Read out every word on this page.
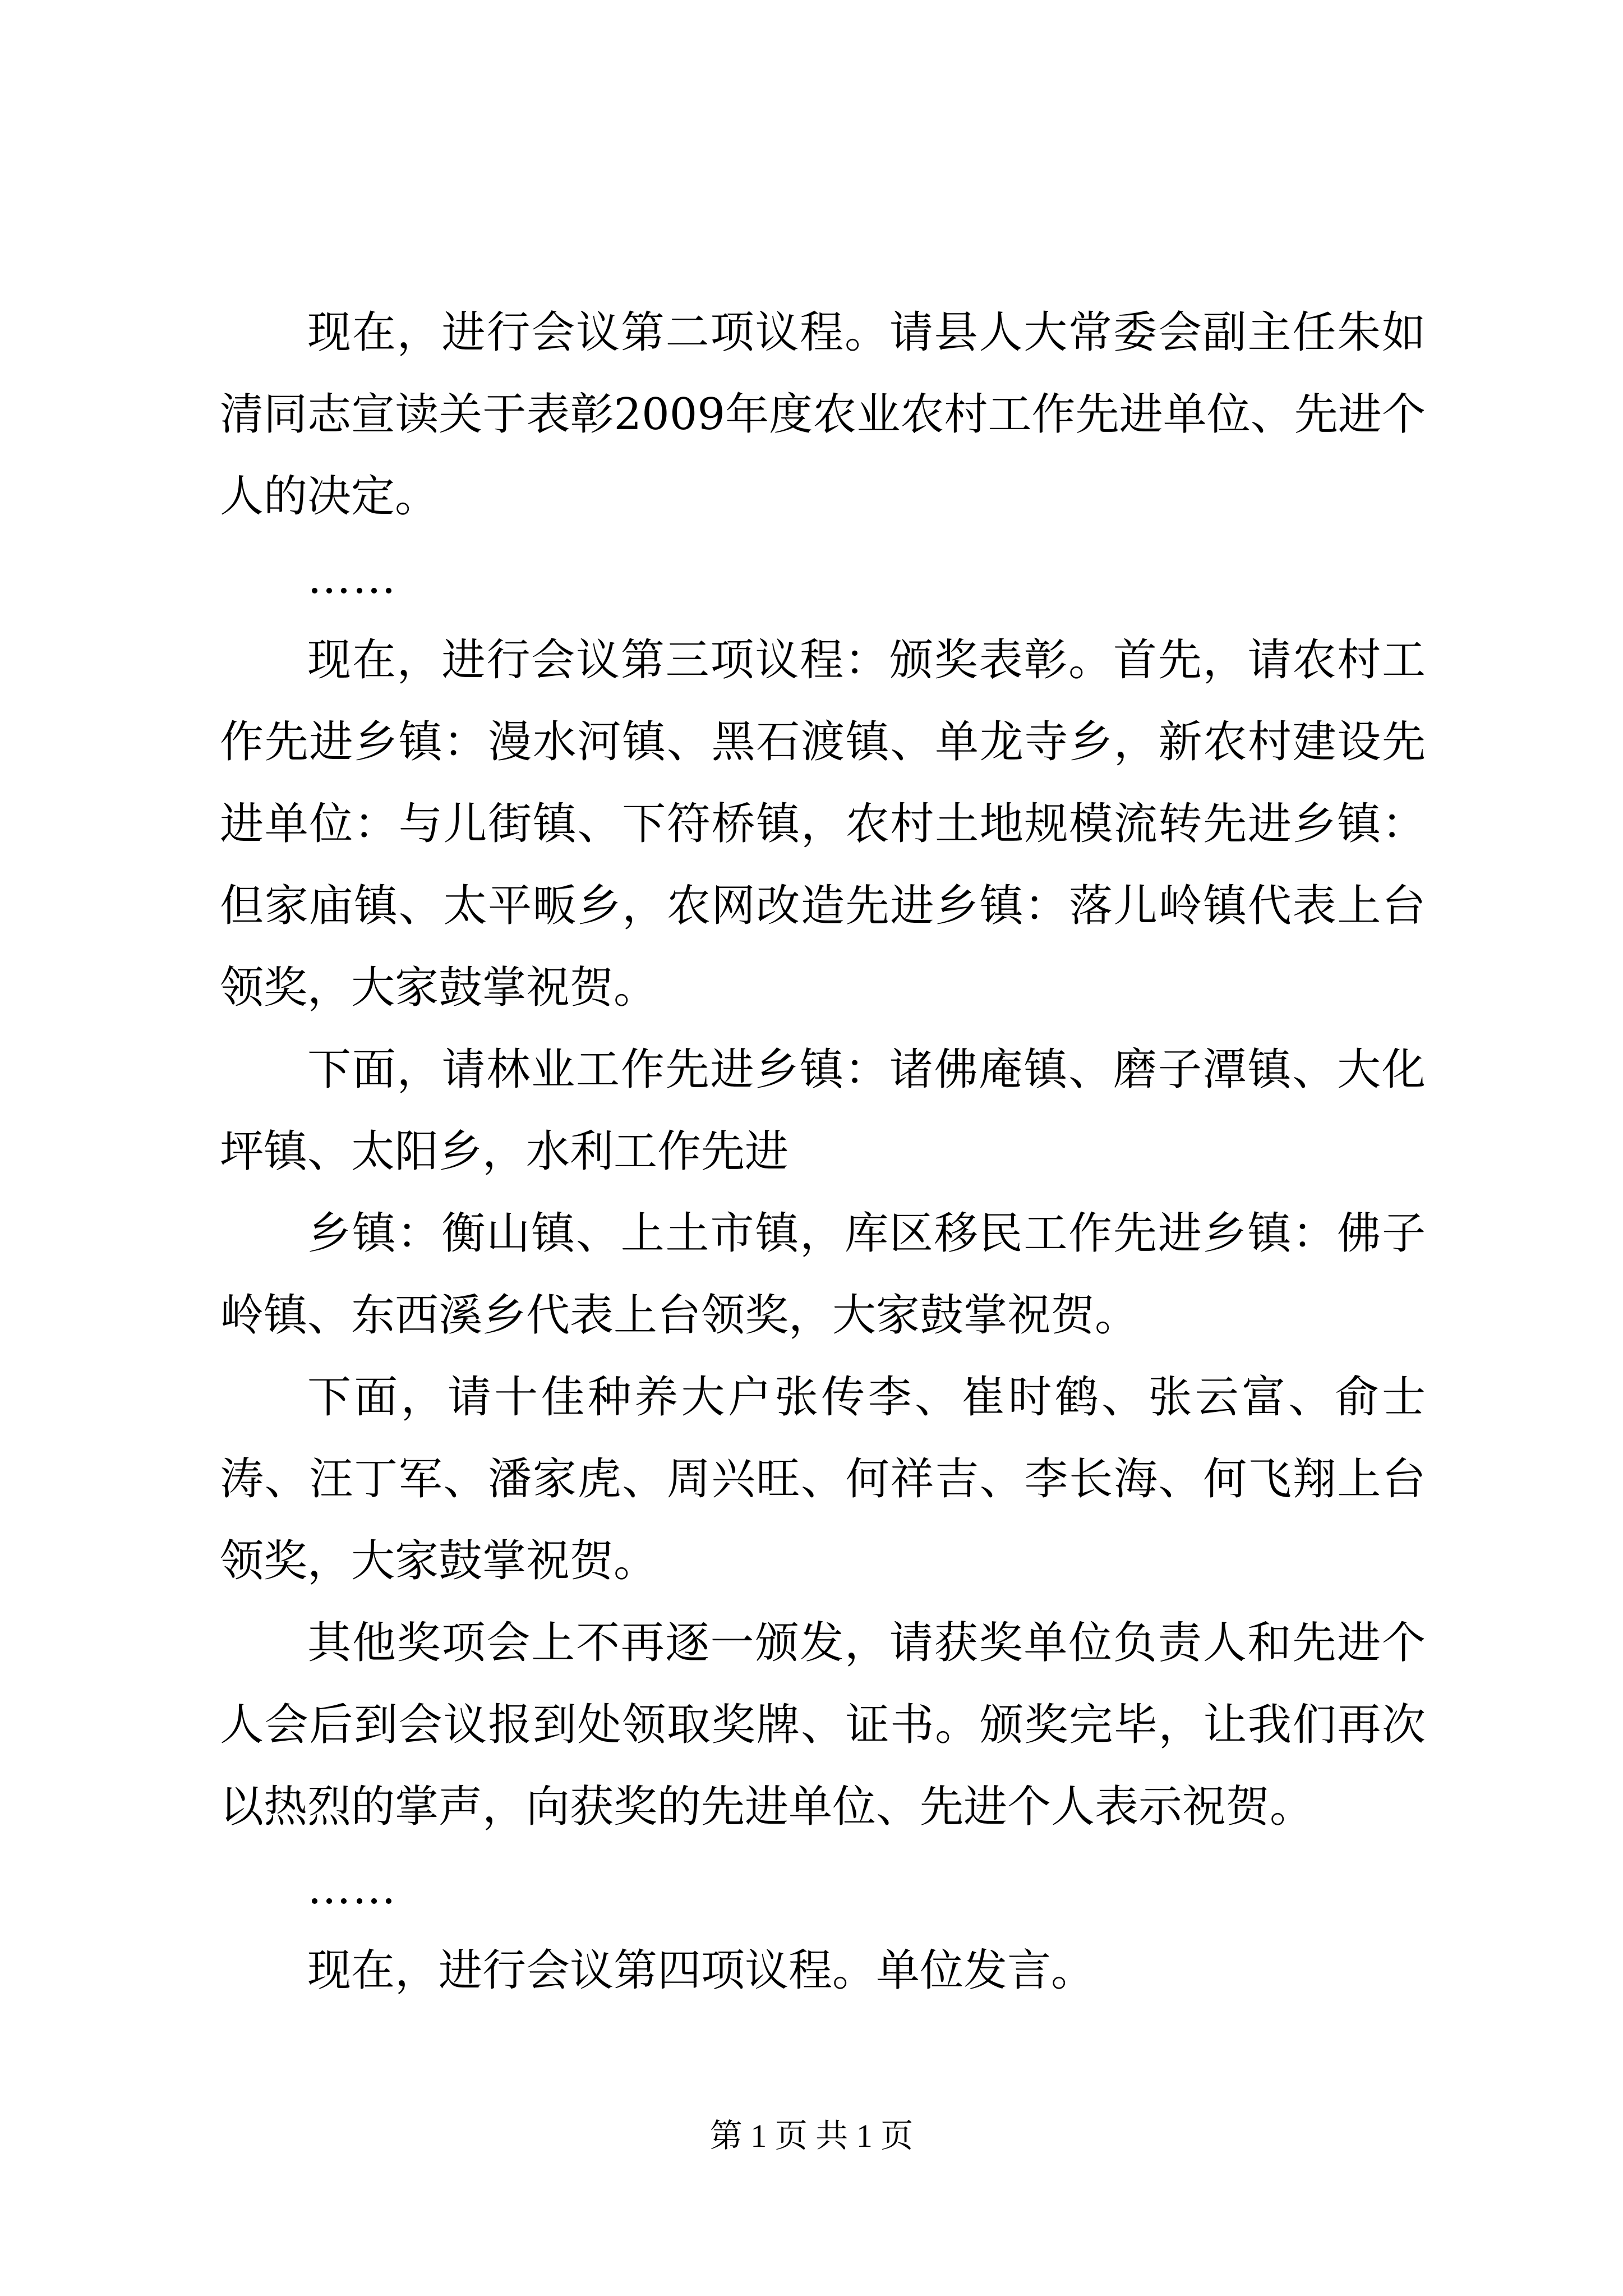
现在，进行会议第二项议程。请县人大常委会副主任朱如清同志宣读关于表彰2009年度农业农村工作先进单位、先进个人的决定。

……

现在，进行会议第三项议程：颁奖表彰。首先，请农村工作先进乡镇：漫水河镇、黑石渡镇、单龙寺乡，新农村建设先进单位：与儿街镇、下符桥镇，农村土地规模流转先进乡镇：但家庙镇、太平畈乡，农网改造先进乡镇：落儿岭镇代表上台领奖，大家鼓掌祝贺。

下面，请林业工作先进乡镇：诸佛庵镇、磨子潭镇、大化坪镇、太阳乡，水利工作先进

乡镇：衡山镇、上土市镇，库区移民工作先进乡镇：佛子岭镇、东西溪乡代表上台领奖，大家鼓掌祝贺。

下面，请十佳种养大户张传李、崔时鹤、张云富、俞士涛、汪丁军、潘家虎、周兴旺、何祥吉、李长海、何飞翔上台领奖，大家鼓掌祝贺。

其他奖项会上不再逐一颁发，请获奖单位负责人和先进个人会后到会议报到处领取奖牌、证书。颁奖完毕，让我们再次以热烈的掌声，向获奖的先进单位、先进个人表示祝贺。

……

现在，进行会议第四项议程。单位发言。

第 1 页 共 1 页
